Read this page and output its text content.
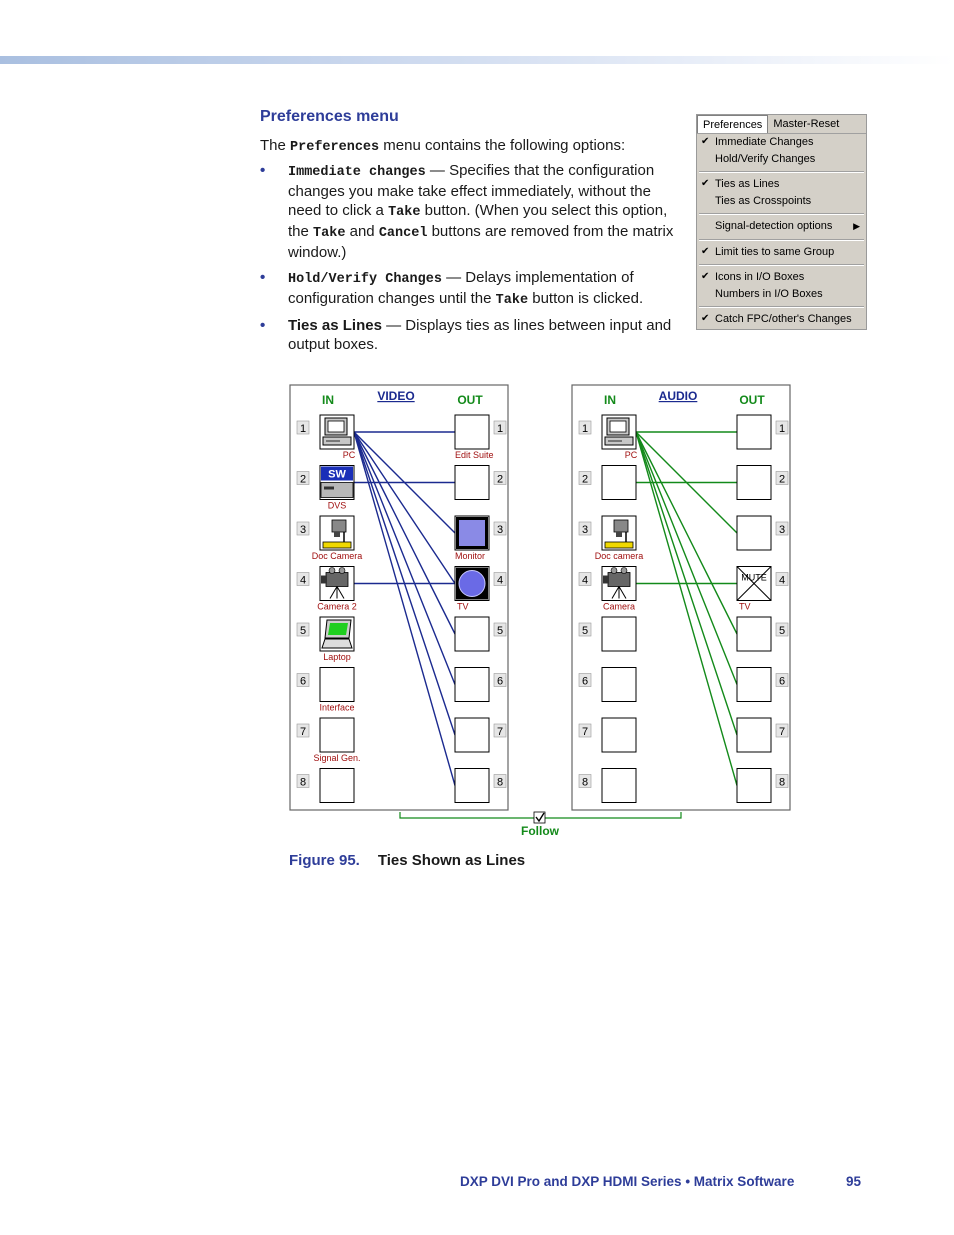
Preferences menu
The Preferences menu contains the following options:
• Immediate changes — Specifies that the configuration changes you make take effect immediately, without the need to click a Take button. (When you select this option, the Take and Cancel buttons are removed from the matrix window.)
• Hold/Verify Changes — Delays implementation of configuration changes until the Take button is clicked.
• Ties as Lines — Displays ties as lines between input and output boxes.
Preferences	Master-Reset
✔ Immediate Changes
Hold/Verify Changes
✔ Ties as Lines
Ties as Crosspoints
Signal-detection options ▶
✔ Limit ties to same Group
✔ Icons in I/O Boxes
Numbers in I/O Boxes
✔ Catch FPC/other's Changes
IN	VIDEO	OUT
1
PC
2 SW
DVS
3
Doc Camera
4
Camera 2
5
Laptop
6
Interface
7
Signal Gen.
8
1
Edit Suite
2
3
Monitor
4
TV
5
6
7
8
IN	AUDIO	OUT
1
PC
2
3
Doc camera
4
Camera
5
6
7
8
1
2
3
MUTE 4
TV
5
6
7
8
Follow
Figure 95. Ties Shown as Lines
DXP DVI Pro and DXP HDMI Series • Matrix Software	95
